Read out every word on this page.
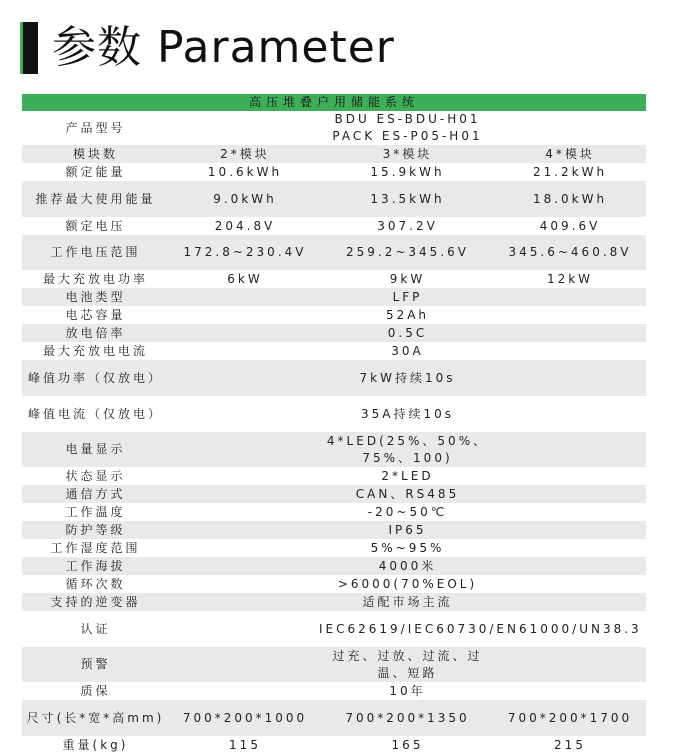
参数 Parameter
高压堆叠户用储能系统			
产品型号	BDU ES-BDU-H01
PACK ES-P05-H01		
模块数	2*模块	3*模块	4*模块
额定能量	10.6kWh	15.9kWh	21.2kWh
推荐最大使用能量	9.0kWh	13.5kWh	18.0kWh
额定电压	204.8V	307.2V	409.6V
工作电压范围	172.8~230.4V	259.2~345.6V	345.6~460.8V
最大充放电功率	6kW	9kW	12kW
电池类型	LFP		
电芯容量	52Ah		
放电倍率	0.5C		
最大充放电电流	30A		
峰值功率（仅放电）	7kW持续10s		
峰值电流（仅放电）	35A持续10s		
电量显示	4*LED(25%、50%、75%、100)		
状态显示	2*LED		
通信方式	CAN、RS485		
工作温度	-20~50℃		
防护等级	IP65		
工作湿度范围	5%~95%		
工作海拔	4000米		
循环次数	>6000(70%EOL)		
支持的逆变器	适配市场主流		
认证	IEC62619/IEC60730/EN61000/UN38.3		
预警	过充、过放、过流、过温、短路		
质保	10年		
尺寸(长*宽*高mm)	700*200*1000	700*200*1350	700*200*1700
重量(kg)	115	165	215
